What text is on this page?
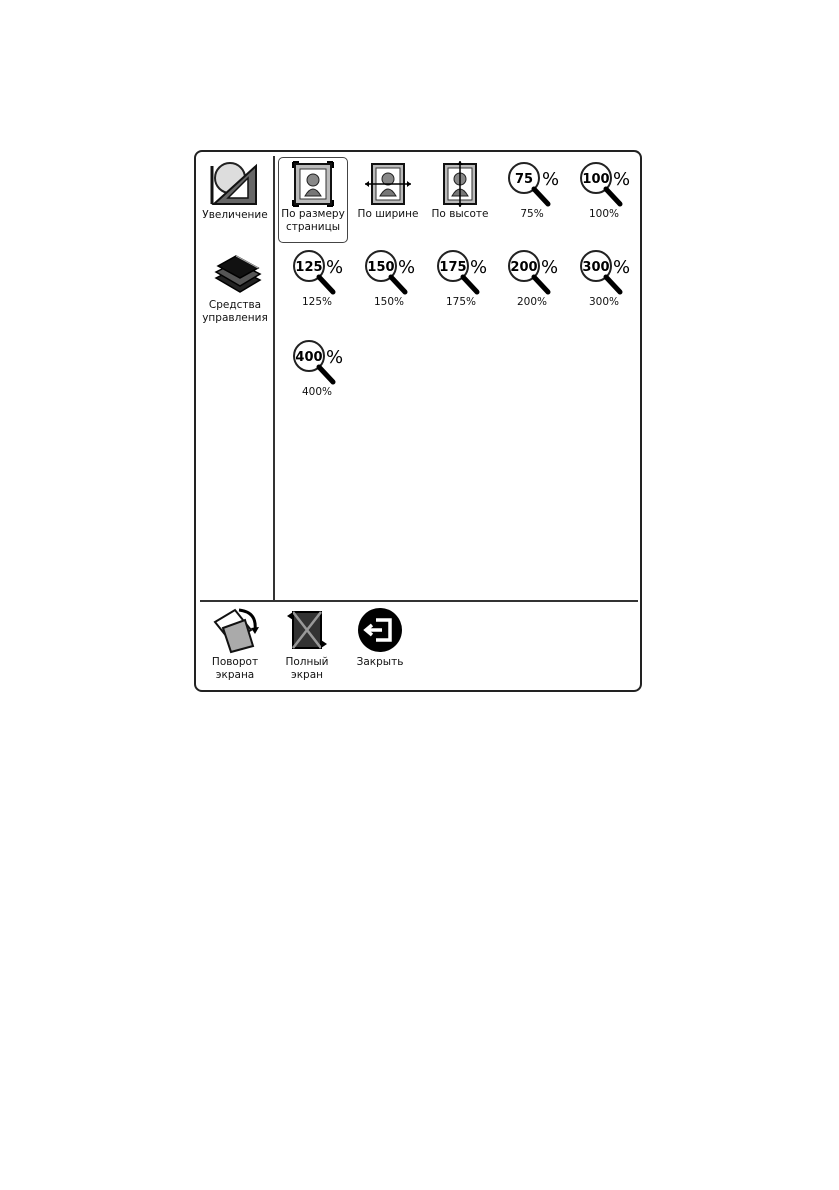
Увеличение
Средства управления
По размеру страницы
По ширине	По высоте
75 %
75%
100 %
100%
125 %
125%
150 %
150%
175 %
175%
200 %
200%
300 %
300%
400 %
400%
Поворот экрана
Полный экран
Закрыть
